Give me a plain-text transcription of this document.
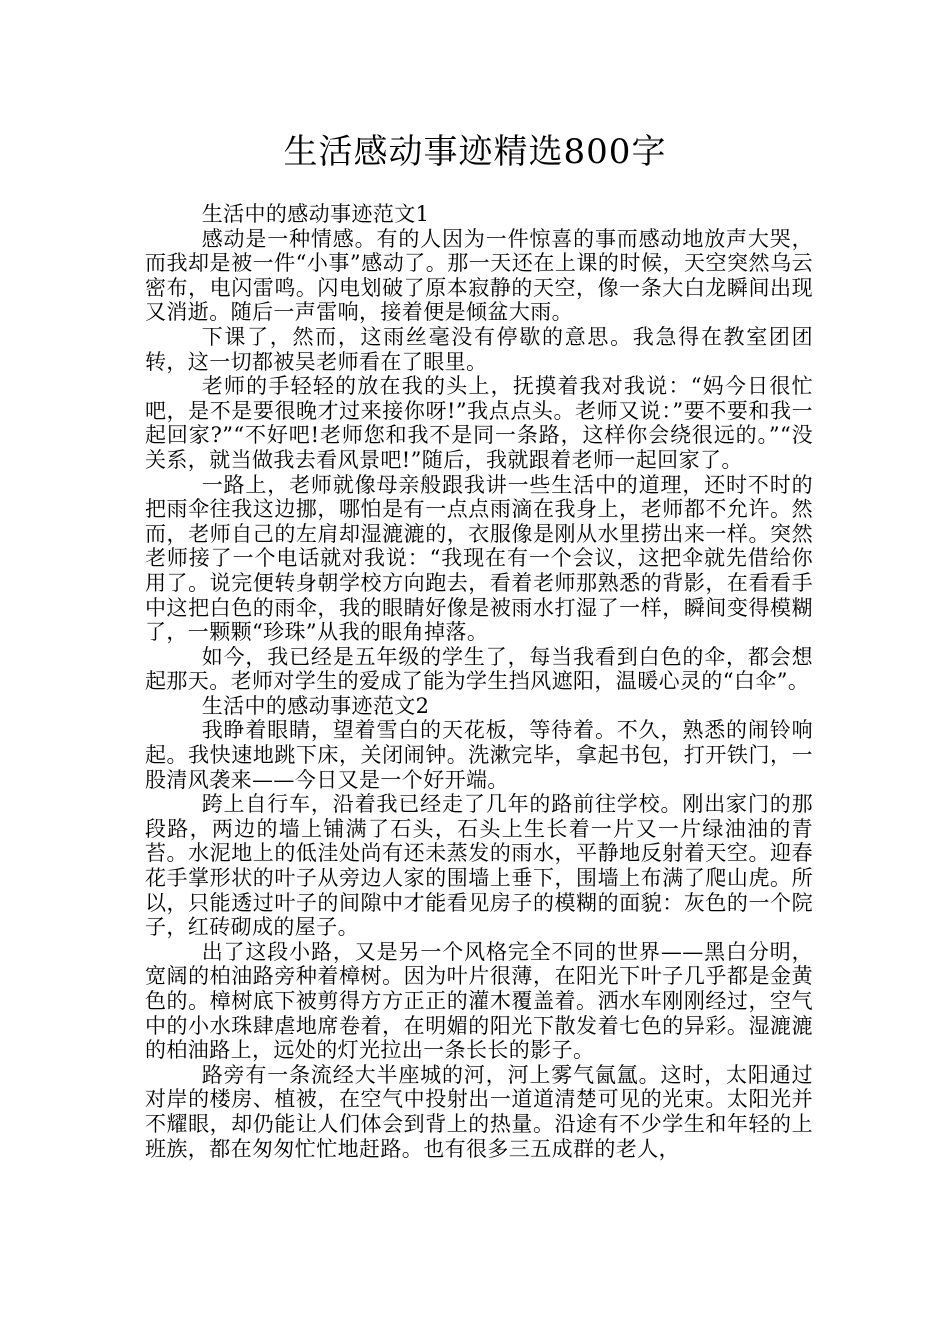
生活感动事迹精选800字

生活中的感动事迹范文1

感动是一种情感。有的人因为一件惊喜的事而感动地放声大哭，而我却是被一件“小事”感动了。那一天还在上课的时候，天空突然乌云密布，电闪雷鸣。闪电划破了原本寂静的天空，像一条大白龙瞬间出现又消逝。随后一声雷响，接着便是倾盆大雨。

下课了，然而，这雨丝毫没有停歇的意思。我急得在教室团团转，这一切都被吴老师看在了眼里。

老师的手轻轻的放在我的头上，抚摸着我对我说：“妈今日很忙吧，是不是要很晚才过来接你呀!”我点点头。老师又说：”要不要和我一起回家?”“不好吧!老师您和我不是同一条路，这样你会绕很远的。”“没关系，就当做我去看风景吧!”随后，我就跟着老师一起回家了。

一路上，老师就像母亲般跟我讲一些生活中的道理，还时不时的把雨伞往我这边挪，哪怕是有一点点雨滴在我身上，老师都不允许。然而，老师自己的左肩却湿漉漉的，衣服像是刚从水里捞出来一样。突然老师接了一个电话就对我说：“我现在有一个会议，这把伞就先借给你用了。说完便转身朝学校方向跑去，看着老师那熟悉的背影，在看看手中这把白色的雨伞，我的眼睛好像是被雨水打湿了一样，瞬间变得模糊了，一颗颗“珍珠”从我的眼角掉落。

如今，我已经是五年级的学生了，每当我看到白色的伞，都会想起那天。老师对学生的爱成了能为学生挡风遮阳，温暖心灵的“白伞”。

生活中的感动事迹范文2

我睁着眼睛，望着雪白的天花板，等待着。不久，熟悉的闹铃响起。我快速地跳下床，关闭闹钟。洗漱完毕，拿起书包，打开铁门，一股清风袭来——今日又是一个好开端。

跨上自行车，沿着我已经走了几年的路前往学校。刚出家门的那段路，两边的墙上铺满了石头，石头上生长着一片又一片绿油油的青苔。水泥地上的低洼处尚有还未蒸发的雨水，平静地反射着天空。迎春花手掌形状的叶子从旁边人家的围墙上垂下，围墙上布满了爬山虎。所以，只能透过叶子的间隙中才能看见房子的模糊的面貌：灰色的一个院子，红砖砌成的屋子。

出了这段小路，又是另一个风格完全不同的世界——黑白分明，宽阔的柏油路旁种着樟树。因为叶片很薄，在阳光下叶子几乎都是金黄色的。樟树底下被剪得方方正正的灌木覆盖着。洒水车刚刚经过，空气中的小水珠肆虐地席卷着，在明媚的阳光下散发着七色的异彩。湿漉漉的柏油路上，远处的灯光拉出一条长长的影子。

路旁有一条流经大半座城的河，河上雾气氤氲。这时，太阳通过对岸的楼房、植被，在空气中投射出一道道清楚可见的光束。太阳光并不耀眼，却仍能让人们体会到背上的热量。沿途有不少学生和年轻的上班族，都在匆匆忙忙地赶路。也有很多三五成群的老人，
